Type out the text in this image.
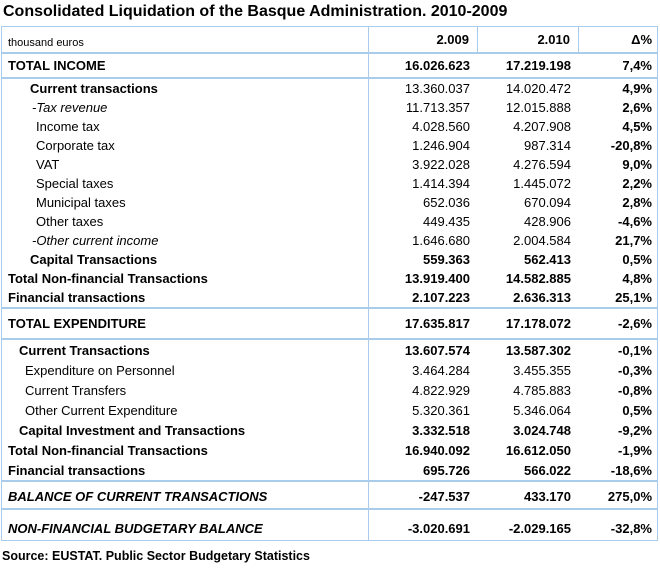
Consolidated Liquidation of the Basque Administration. 2010-2009
thousand euros	2.009	2.010	Δ%
TOTAL INCOME	16.026.623	17.219.198	7,4%
Current transactions	13.360.037	14.020.472	4,9%
-Tax revenue	11.713.357	12.015.888	2,6%
Income tax	4.028.560	4.207.908	4,5%
Corporate tax	1.246.904	987.314	-20,8%
VAT	3.922.028	4.276.594	9,0%
Special taxes	1.414.394	1.445.072	2,2%
Municipal taxes	652.036	670.094	2,8%
Other taxes	449.435	428.906	-4,6%
-Other current income	1.646.680	2.004.584	21,7%
Capital Transactions	559.363	562.413	0,5%
Total Non-financial Transactions	13.919.400	14.582.885	4,8%
Financial transactions	2.107.223	2.636.313	25,1%
TOTAL EXPENDITURE	17.635.817	17.178.072	-2,6%
Current Transactions	13.607.574	13.587.302	-0,1%
Expenditure on Personnel	3.464.284	3.455.355	-0,3%
Current Transfers	4.822.929	4.785.883	-0,8%
Other Current Expenditure	5.320.361	5.346.064	0,5%
Capital Investment and Transactions	3.332.518	3.024.748	-9,2%
Total Non-financial Transactions	16.940.092	16.612.050	-1,9%
Financial transactions	695.726	566.022	-18,6%
BALANCE OF CURRENT TRANSACTIONS	-247.537	433.170	275,0%
NON-FINANCIAL BUDGETARY BALANCE	-3.020.691	-2.029.165	-32,8%
Source: EUSTAT. Public Sector Budgetary Statistics
